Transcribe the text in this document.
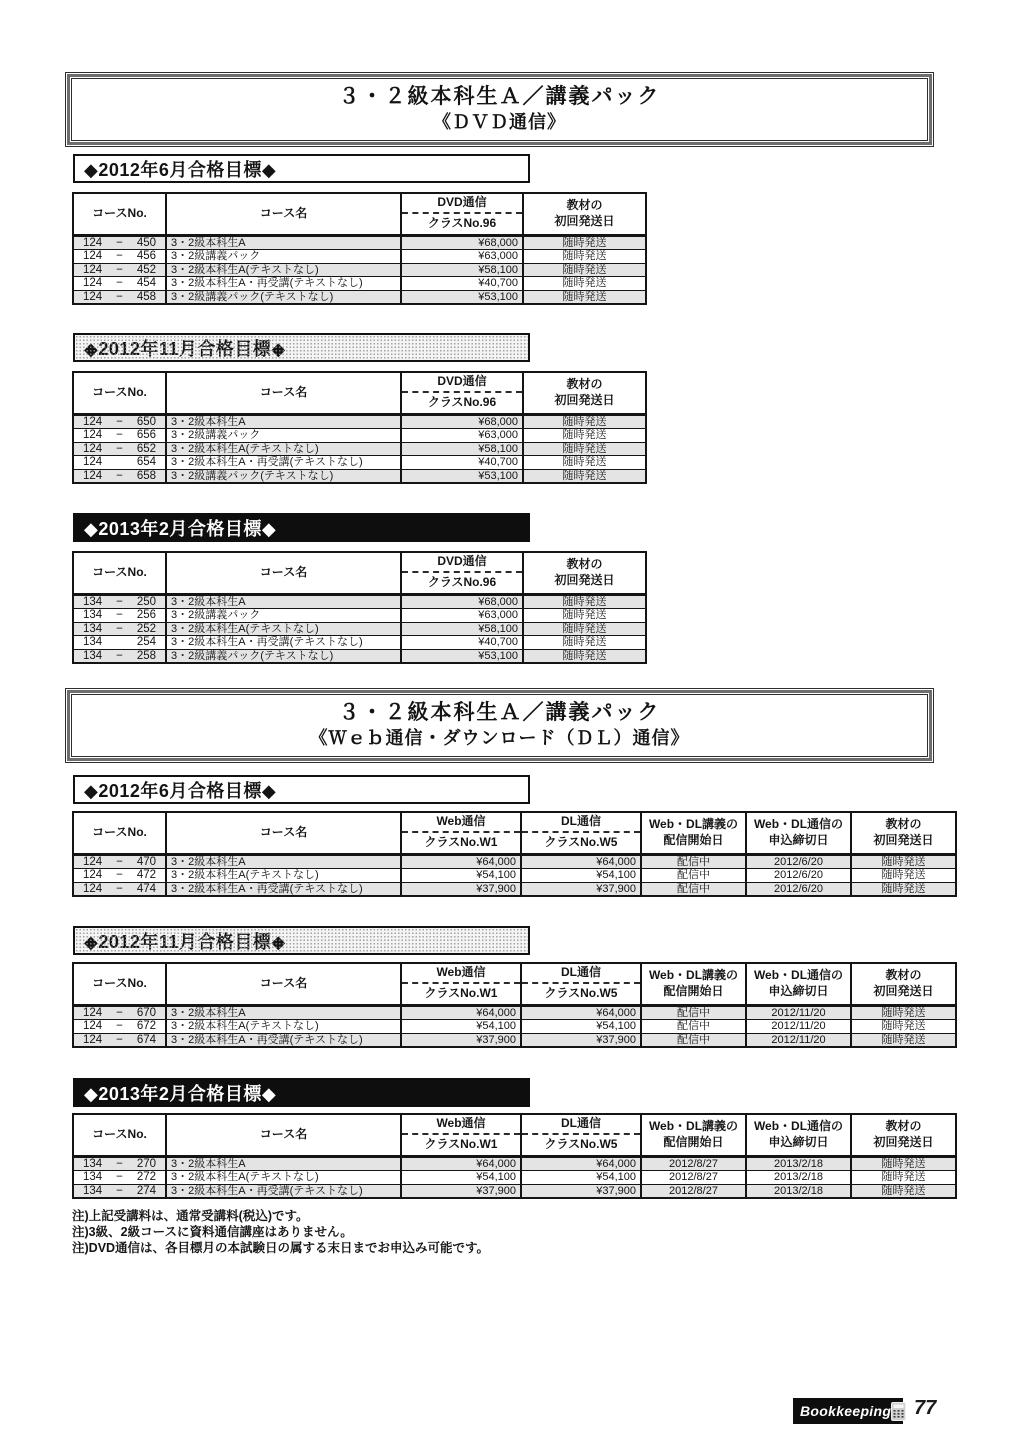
３・２級本科生Ａ／講義パック
《ＤＶＤ通信》
◆2012年6月合格目標◆
コースNo.	コース名	
DVD通信
クラスNo.96

教材の
初回発送日

124 − 450	3・2級本科生A	¥68,000	随時発送

124 − 456	3・2級講義パック	¥63,000	随時発送

124 − 452	3・2級本科生A(テキストなし)	¥58,100	随時発送

124 − 454	3・2級本科生A・再受講(テキストなし)	¥40,700	随時発送

124 − 458	3・2級講義パック(テキストなし)	¥53,100	随時発送
◆2012年11月合格目標◆
コースNo.	コース名	
DVD通信
クラスNo.96

教材の
初回発送日

124 − 650	3・2級本科生A	¥68,000	随時発送

124 − 656	3・2級講義パック	¥63,000	随時発送

124 − 652	3・2級本科生A(テキストなし)	¥58,100	随時発送

124 654	3・2級本科生A・再受講(テキストなし)	¥40,700	随時発送

124 − 658	3・2級講義パック(テキストなし)	¥53,100	随時発送
◆2013年2月合格目標◆
コースNo.	コース名	
DVD通信
クラスNo.96

教材の
初回発送日

134 − 250	3・2級本科生A	¥68,000	随時発送

134 − 256	3・2級講義パック	¥63,000	随時発送

134 − 252	3・2級本科生A(テキストなし)	¥58,100	随時発送

134 254	3・2級本科生A・再受講(テキストなし)	¥40,700	随時発送

134 − 258	3・2級講義パック(テキストなし)	¥53,100	随時発送
３・２級本科生Ａ／講義パック
《Ｗｅｂ通信・ダウンロード（ＤＬ）通信》
◆2012年6月合格目標◆
コースNo.	コース名	
Web通信
クラスNo.W1

DL通信
クラスNo.W5

Web・DL講義の
配信開始日

Web・DL通信の
申込締切日

教材の
初回発送日

124 − 470	3・2級本科生A	¥64,000	¥64,000	配信中	2012/6/20	随時発送

124 − 472	3・2級本科生A(テキストなし)	¥54,100	¥54,100	配信中	2012/6/20	随時発送

124 − 474	3・2級本科生A・再受講(テキストなし)	¥37,900	¥37,900	配信中	2012/6/20	随時発送
◆2012年11月合格目標◆
コースNo.	コース名	
Web通信
クラスNo.W1

DL通信
クラスNo.W5

Web・DL講義の
配信開始日

Web・DL通信の
申込締切日

教材の
初回発送日

124 − 670	3・2級本科生A	¥64,000	¥64,000	配信中	2012/11/20	随時発送

124 − 672	3・2級本科生A(テキストなし)	¥54,100	¥54,100	配信中	2012/11/20	随時発送

124 − 674	3・2級本科生A・再受講(テキストなし)	¥37,900	¥37,900	配信中	2012/11/20	随時発送
◆2013年2月合格目標◆
コースNo.	コース名	
Web通信
クラスNo.W1

DL通信
クラスNo.W5

Web・DL講義の
配信開始日

Web・DL通信の
申込締切日

教材の
初回発送日

134 − 270	3・2級本科生A	¥64,000	¥64,000	2012/8/27	2013/2/18	随時発送

134 − 272	3・2級本科生A(テキストなし)	¥54,100	¥54,100	2012/8/27	2013/2/18	随時発送

134 − 274	3・2級本科生A・再受講(テキストなし)	¥37,900	¥37,900	2012/8/27	2013/2/18	随時発送
注)上記受講料は、通常受講料(税込)です。
注)3級、2級コースに資料通信講座はありません。
注)DVD通信は、各目標月の本試験日の属する末日までお申込み可能です。
Bookkeeping 77
